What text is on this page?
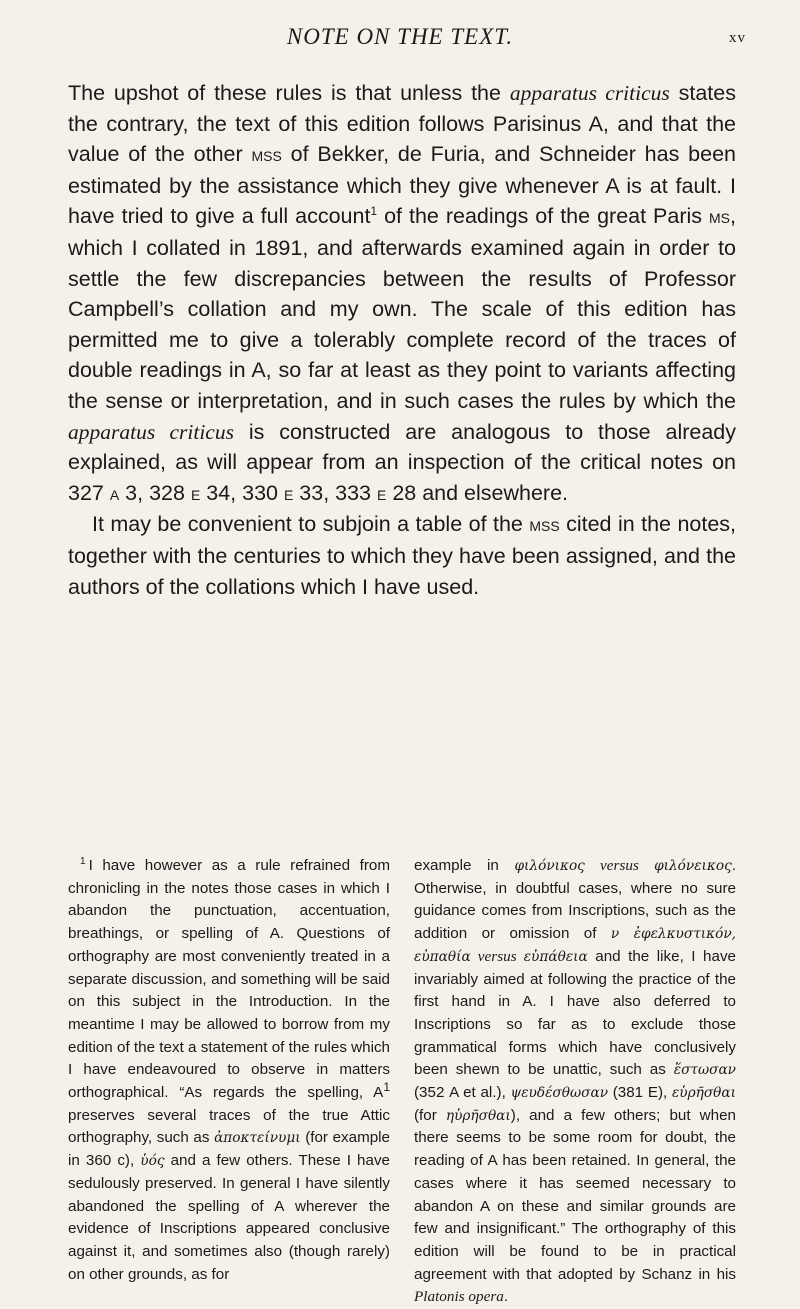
NOTE ON THE TEXT.	xv

The upshot of these rules is that unless the apparatus criticus states the contrary, the text of this edition follows Parisinus A, and that the value of the other mss of Bekker, de Furia, and Schneider has been estimated by the assistance which they give whenever A is at fault. I have tried to give a full account$^1$ of the readings of the great Paris ms, which I collated in 1891, and afterwards examined again in order to settle the few discrepancies between the results of Professor Campbell’s collation and my own. The scale of this edition has permitted me to give a tolerably complete record of the traces of double readings in A, so far at least as they point to variants affecting the sense or interpretation, and in such cases the rules by which the apparatus criticus is constructed are analogous to those already explained, as will appear from an inspection of the critical notes on 327 a 3, 328 e 34, 330 e 33, 333 e 28 and elsewhere.

It may be convenient to subjoin a table of the mss cited in the notes, together with the centuries to which they have been assigned, and the authors of the collations which I have used.

$^1$ I have however as a rule refrained from chronicling in the notes those cases in which I abandon the punctuation, accentuation, breathings, or spelling of A. Questions of orthography are most conveniently treated in a separate discussion, and something will be said on this subject in the Introduction. In the meantime I may be allowed to borrow from my edition of the text a statement of the rules which I have endeavoured to observe in matters orthographical. “As regards the spelling, A$^1$ preserves several traces of the true Attic orthography, such as ἀποκτείνυμι (for example in 360 c), ὑός and a few others. These I have sedulously preserved. In general I have silently abandoned the spelling of A wherever the evidence of Inscriptions appeared conclusive against it, and sometimes also (though rarely) on other grounds, as for

example in φιλόνικος versus φιλόνεικος. Otherwise, in doubtful cases, where no sure guidance comes from Inscriptions, such as the addition or omission of ν ἐφελκυστικόν, εὐπαθία versus εὐπάθεια and the like, I have invariably aimed at following the practice of the first hand in A. I have also deferred to Inscriptions so far as to exclude those grammatical forms which have conclusively been shewn to be unattic, such as ἕστωσαν (352 A et al.), ψευδέσθωσαν (381 E), εὑρῆσθαι (for ηὑρῆσθαι), and a few others; but when there seems to be some room for doubt, the reading of A has been retained. In general, the cases where it has seemed necessary to abandon A on these and similar grounds are few and insignificant.” The orthography of this edition will be found to be in practical agreement with that adopted by Schanz in his Platonis opera.
